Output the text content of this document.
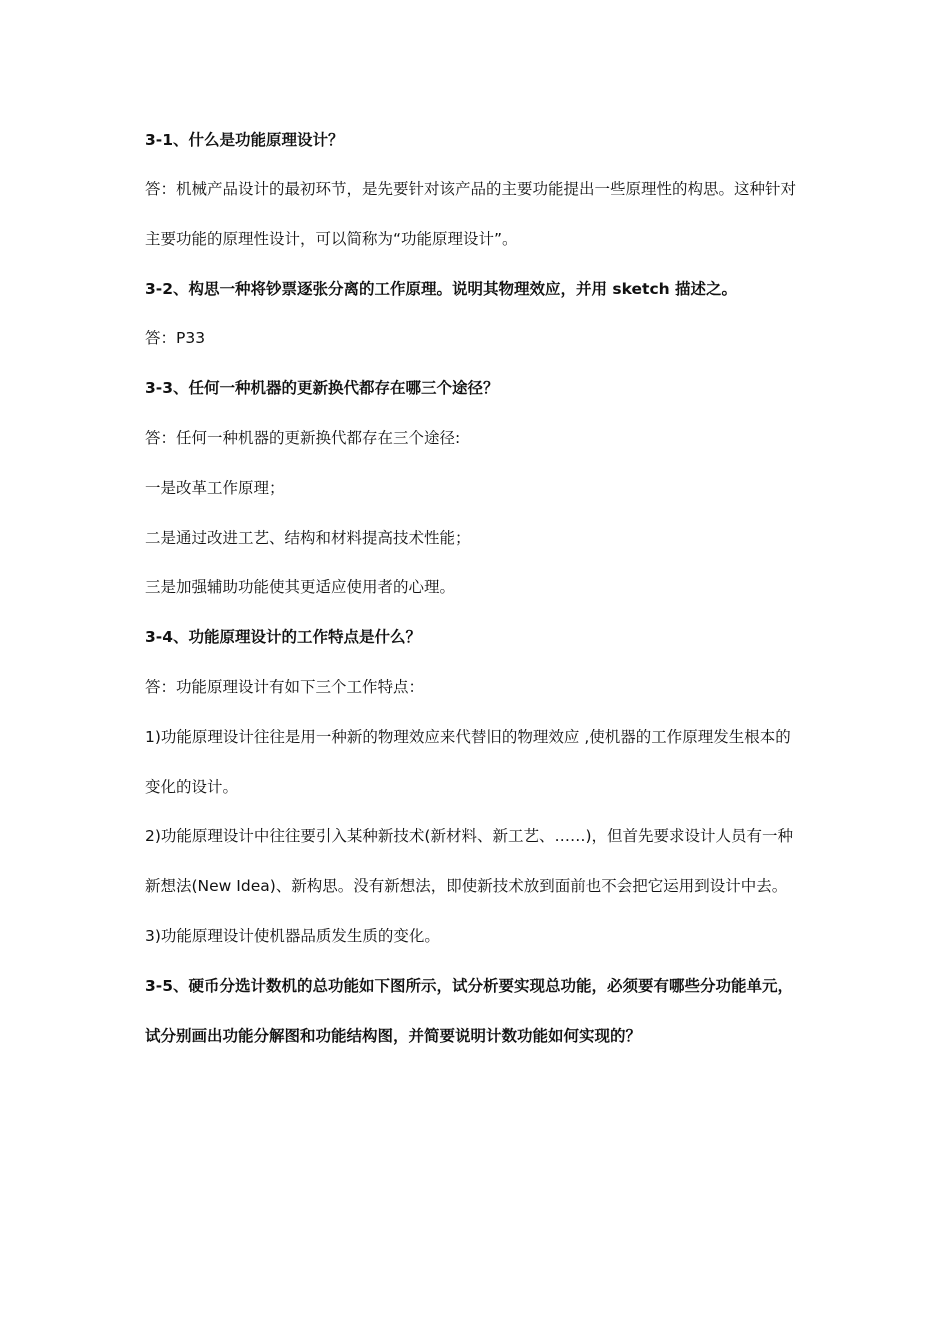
3-1、什么是功能原理设计？
答：机械产品设计的最初环节，是先要针对该产品的主要功能提出一些原理性的构思。这种针对
主要功能的原理性设计，可以简称为“功能原理设计”。
3-2、构思一种将钞票逐张分离的工作原理。说明其物理效应，并用 sketch 描述之。
答：P33
3-3、任何一种机器的更新换代都存在哪三个途径？
答：任何一种机器的更新换代都存在三个途径:
一是改革工作原理；
二是通过改进工艺、结构和材料提高技术性能；
三是加强辅助功能使其更适应使用者的心理。
3-4、功能原理设计的工作特点是什么？
答：功能原理设计有如下三个工作特点：
1)功能原理设计往往是用一种新的物理效应来代替旧的物理效应 ,使机器的工作原理发生根本的
变化的设计。
2)功能原理设计中往往要引入某种新技术(新材料、新工艺、……)，但首先要求设计人员有一种
新想法(New Idea)、新构思。没有新想法，即使新技术放到面前也不会把它运用到设计中去。
3)功能原理设计使机器品质发生质的变化。
3-5、硬币分选计数机的总功能如下图所示，试分析要实现总功能，必须要有哪些分功能单元，
试分别画出功能分解图和功能结构图，并简要说明计数功能如何实现的？
